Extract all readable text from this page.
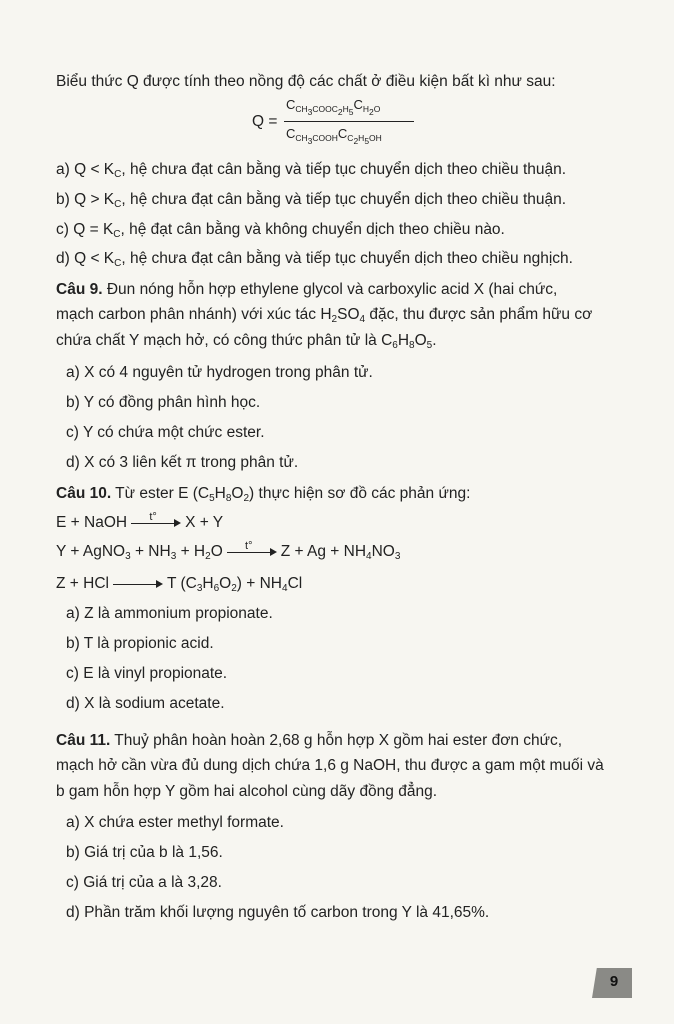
Biểu thức Q được tính theo nồng độ các chất ở điều kiện bất kì như sau:
Q =
$C_{CH_3COOC_2H_5}C_{H_2O}$
$C_{CH_3COOH}C_{C_2H_5OH}$
a) $Q < K_C$, hệ chưa đạt cân bằng và tiếp tục chuyển dịch theo chiều thuận.
b) $Q > K_C$, hệ chưa đạt cân bằng và tiếp tục chuyển dịch theo chiều thuận.
c) $Q = K_C$, hệ đạt cân bằng và không chuyển dịch theo chiều nào.
d) $Q < K_C$, hệ chưa đạt cân bằng và tiếp tục chuyển dịch theo chiều nghịch.
Câu 9. Đun nóng hỗn hợp ethylene glycol và carboxylic acid X (hai chức,
mạch carbon phân nhánh) với xúc tác $H_2SO_4$ đặc, thu được sản phẩm hữu cơ
chứa chất Y mạch hở, có công thức phân tử là $C_6H_8O_5$.
a) X có 4 nguyên tử hydrogen trong phân tử.
b) Y có đồng phân hình học.
c) Y có chứa một chức ester.
d) X có 3 liên kết π trong phân tử.
Câu 10. Từ ester E $(C_5H_8O_2)$ thực hiện sơ đồ các phản ứng:
E + NaOH	t°	X + Y
Y + AgNO$_3$ + $NH_3 + H_2O$	t°	$Z + Ag + NH_4NO_3$
Z + HCl	T $(C_3H_6O_2) + NH_4Cl$
a) Z là ammonium propionate.
b) T là propionic acid.
c) E là vinyl propionate.
d) X là sodium acetate.
Câu 11. Thuỷ phân hoàn hoàn 2,68 g hỗn hợp X gồm hai ester đơn chức,
mạch hở cần vừa đủ dung dịch chứa 1,6 g NaOH, thu được a gam một muối và
b gam hỗn hợp Y gồm hai alcohol cùng dãy đồng đẳng.
a) X chứa ester methyl formate.
b) Giá trị của b là 1,56.
c) Giá trị của a là 3,28.
d) Phần trăm khối lượng nguyên tố carbon trong Y là 41,65%.
9
